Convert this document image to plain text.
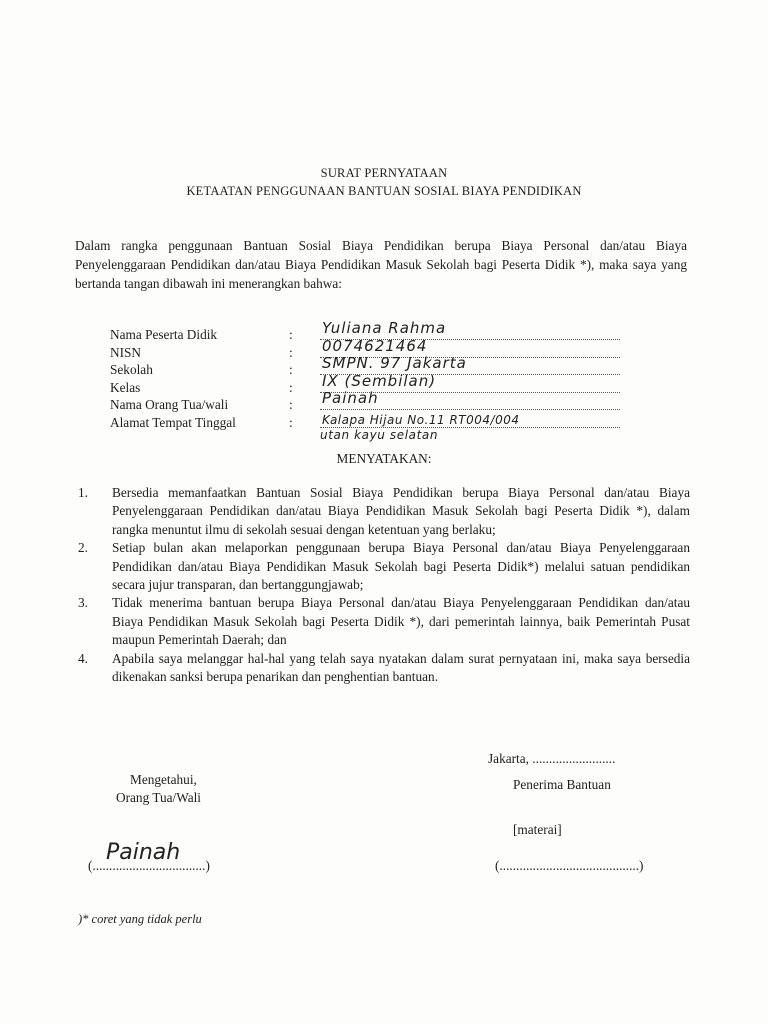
SURAT PERNYATAAN
KETAATAN PENGGUNAAN BANTUAN SOSIAL BIAYA PENDIDIKAN
Dalam rangka penggunaan Bantuan Sosial Biaya Pendidikan berupa Biaya Personal dan/atau Biaya Penyelenggaraan Pendidikan dan/atau Biaya Pendidikan Masuk Sekolah bagi Peserta Didik *), maka saya yang bertanda tangan dibawah ini menerangkan bahwa:
Nama Peserta Didik	: Yuliana Rahma
NISN	: 0074621464
Sekolah	: SMPN. 97 Jakarta
Kelas	: IX (Sembilan)
Nama Orang Tua/wali	: Painah
Alamat Tempat Tinggal	: Kalapa Hijau No.11 RT004/004
utan kayu selatan
MENYATAKAN:
1. Bersedia memanfaatkan Bantuan Sosial Biaya Pendidikan berupa Biaya Personal dan/atau Biaya Penyelenggaraan Pendidikan dan/atau Biaya Pendidikan Masuk Sekolah bagi Peserta Didik *), dalam rangka menuntut ilmu di sekolah sesuai dengan ketentuan yang berlaku;
2. Setiap bulan akan melaporkan penggunaan berupa Biaya Personal dan/atau Biaya Penyelenggaraan Pendidikan dan/atau Biaya Pendidikan Masuk Sekolah bagi Peserta Didik*) melalui satuan pendidikan secara jujur transparan, dan bertanggungjawab;
3. Tidak menerima bantuan berupa Biaya Personal dan/atau Biaya Penyelenggaraan Pendidikan dan/atau Biaya Pendidikan Masuk Sekolah bagi Peserta Didik *), dari pemerintah lainnya, baik Pemerintah Pusat maupun Pemerintah Daerah; dan
4. Apabila saya melanggar hal-hal yang telah saya nyatakan dalam surat pernyataan ini, maka saya bersedia dikenakan sanksi berupa penarikan dan penghentian bantuan.
Jakarta, .........................
Mengetahui,
Orang Tua/Wali
Penerima Bantuan
[materai]
(..................................)
Painah
(..........................................)
)* coret yang tidak perlu
